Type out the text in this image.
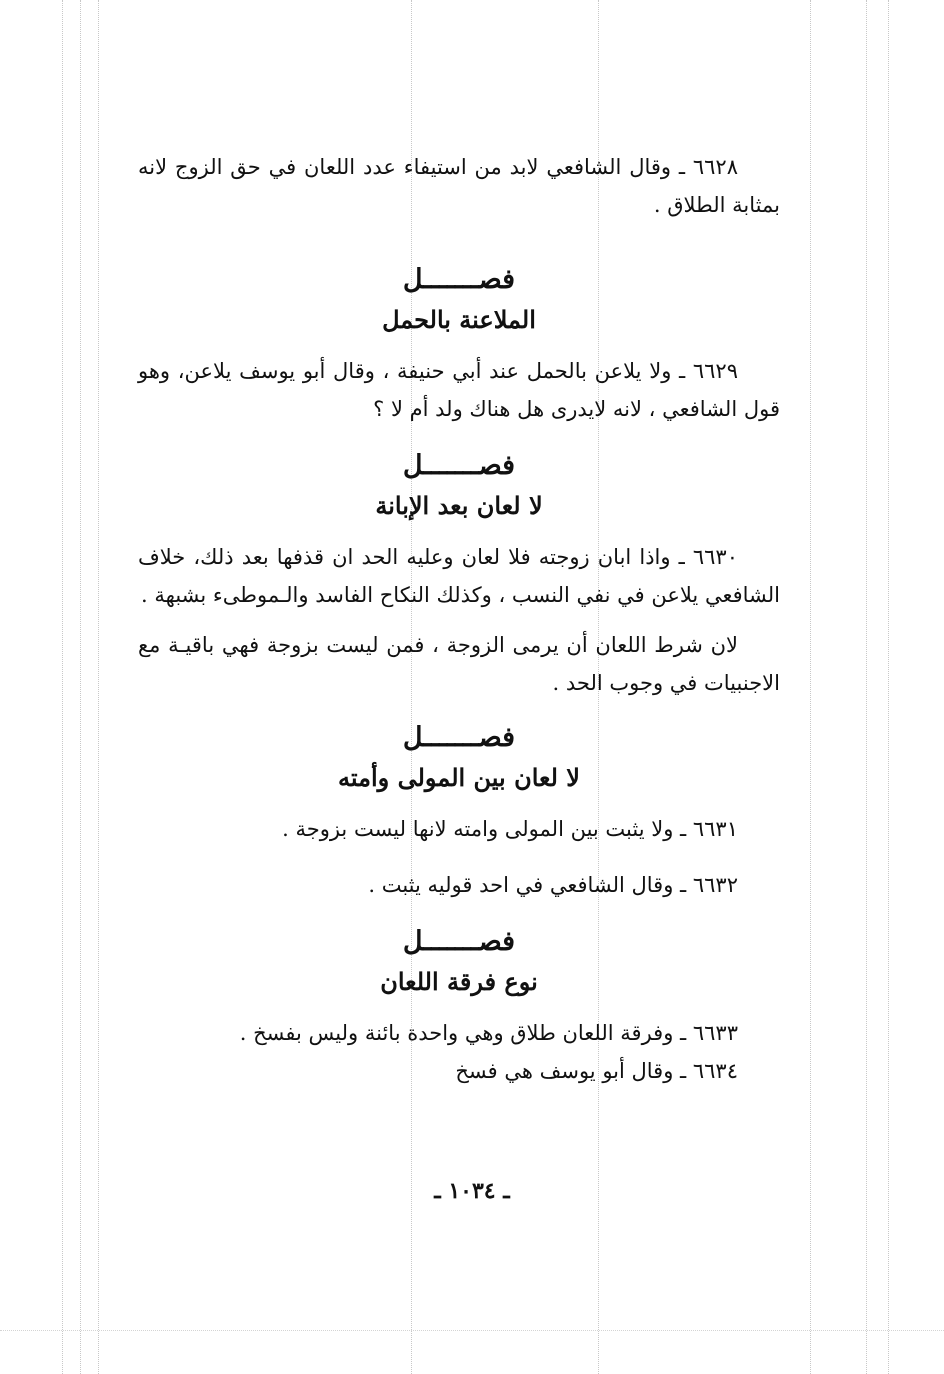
٦٦٢٨ ـ وقال الشافعي لابد من استيفاء عدد اللعان في حق الزوج لانه بمثابة الطلاق .

فصـــــــل

الملاعنة بالحمل

٦٦٢٩ ـ ولا يلاعن بالحمل عند أبي حنيفة ، وقال أبو يوسف يلاعن، وهو قول الشافعي ، لانه لايدرى هل هناك ولد أم لا ؟

فصـــــــل

لا لعان بعد الإبانة

٦٦٣٠ ـ واذا ابان زوجته فلا لعان وعليه الحد ان قذفها بعد ذلك، خلاف الشافعي يلاعن في نفي النسب ، وكذلك النكاح الفاسد والـموطىء بشبهة .

لان شرط اللعان أن يرمى الزوجة ، فمن ليست بزوجة فهي باقيـة مع الاجنبيات في وجوب الحد .

فصـــــــل

لا لعان بين المولى وأمته

٦٦٣١ ـ ولا يثبت بين المولى وامته لانها ليست بزوجة .

٦٦٣٢ ـ وقال الشافعي في احد قوليه يثبت .

فصـــــــل

نوع فرقة اللعان

٦٦٣٣ ـ وفرقة اللعان طلاق وهي واحدة بائنة وليس بفسخ .

٦٦٣٤ ـ وقال أبو يوسف هي فسخ

ـ ١٠٣٤ ـ
